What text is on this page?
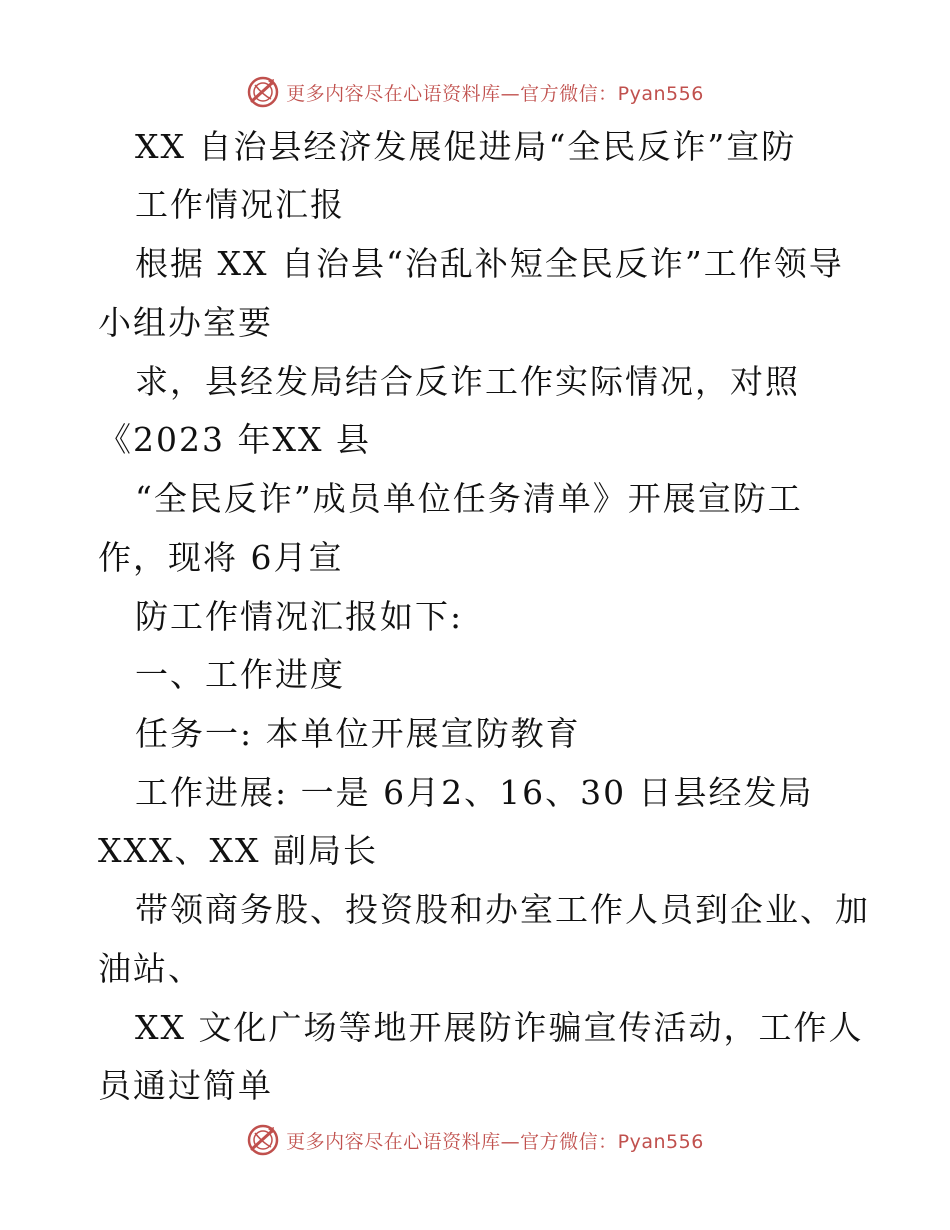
更多内容尽在心语资料库—官方微信：Pyan556
XX 自治县经济发展促进局“全民反诈”宣防
工作情况汇报
根据 XX 自治县“治乱补短全民反诈”工作领导
小组办室要
求，县经发局结合反诈工作实际情况，对照
《2023 年XX 县
“全民反诈”成员单位任务清单》开展宣防工
作，现将 6月宣
防工作情况汇报如下:
一、工作进度
任务一: 本单位开展宣防教育
工作进展: 一是 6月2、16、30 日县经发局
XXX、XX 副局长
带领商务股、投资股和办室工作人员到企业、加
油站、
XX 文化广场等地开展防诈骗宣传活动，工作人
员通过简单
更多内容尽在心语资料库—官方微信：Pyan556
